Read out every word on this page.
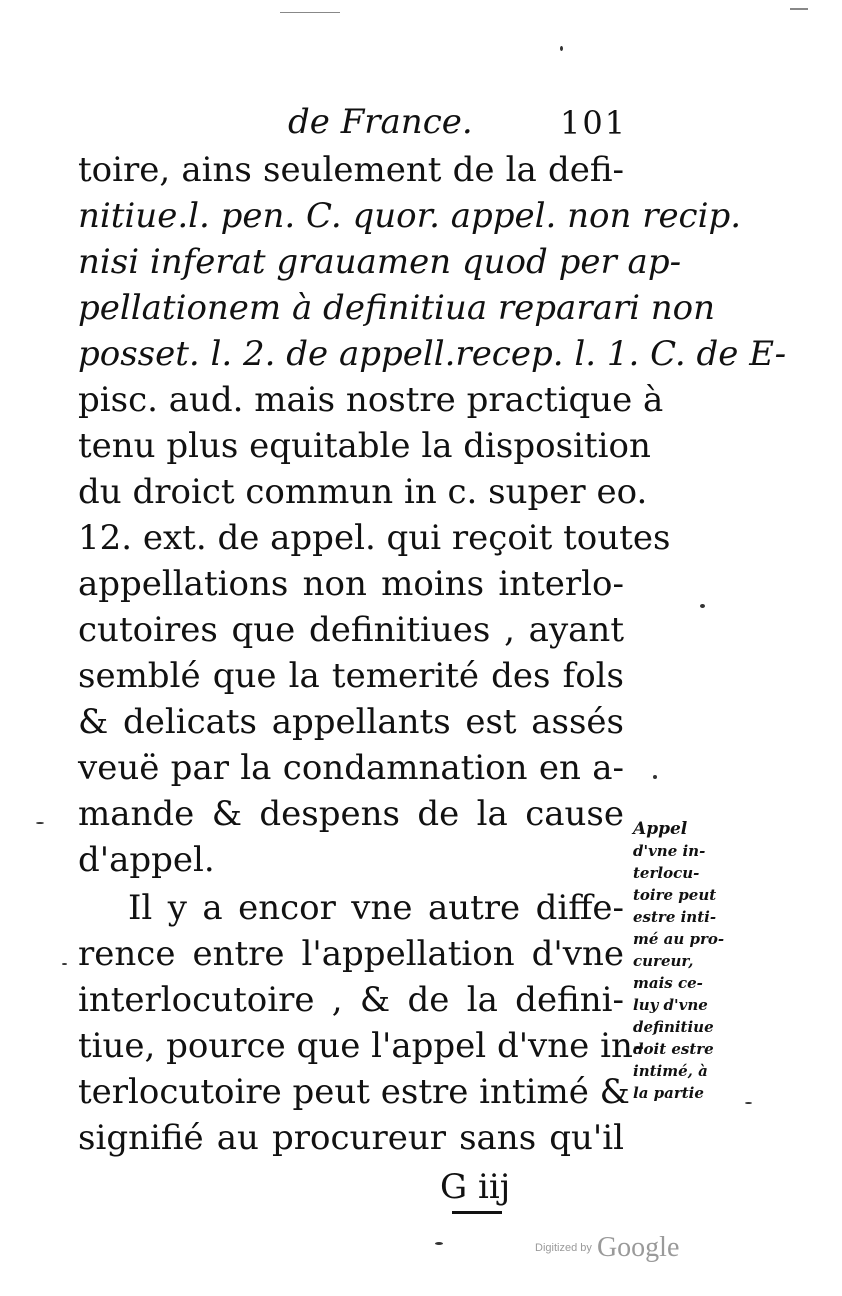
de France.	101
toire, ains seulement de la defi-
nitiue.l. pen. C. quor. appel. non recip.
nisi inferat grauamen quod per ap-
pellationem à definitiua reparari non
posset. l. 2. de appell.recep. l. 1. C. de E-
pisc. aud. mais nostre practique à
tenu plus equitable la disposition
du droict commun in c. super eo.
12. ext. de appel. qui reçoit toutes
appellations non moins interlo-
cutoires que definitiues , ayant
semblé que la temerité des fols
& delicats appellants est assés
veuë par la condamnation en a-
mande & despens de la cause
d'appel.
Il y a encor vne autre diffe-
rence entre l'appellation d'vne
interlocutoire , & de la defini-
tiue, pource que l'appel d'vne in-
terlocutoire peut estre intimé &
signifié au procureur sans qu'il
Appel
d'vne in-
terlocu-
toire peut
estre inti-
mé au pro-
cureur,
mais ce-
luy d'vne
definitiue
doit estre
intimé, à
la partie
G iij
Digitized by Google
